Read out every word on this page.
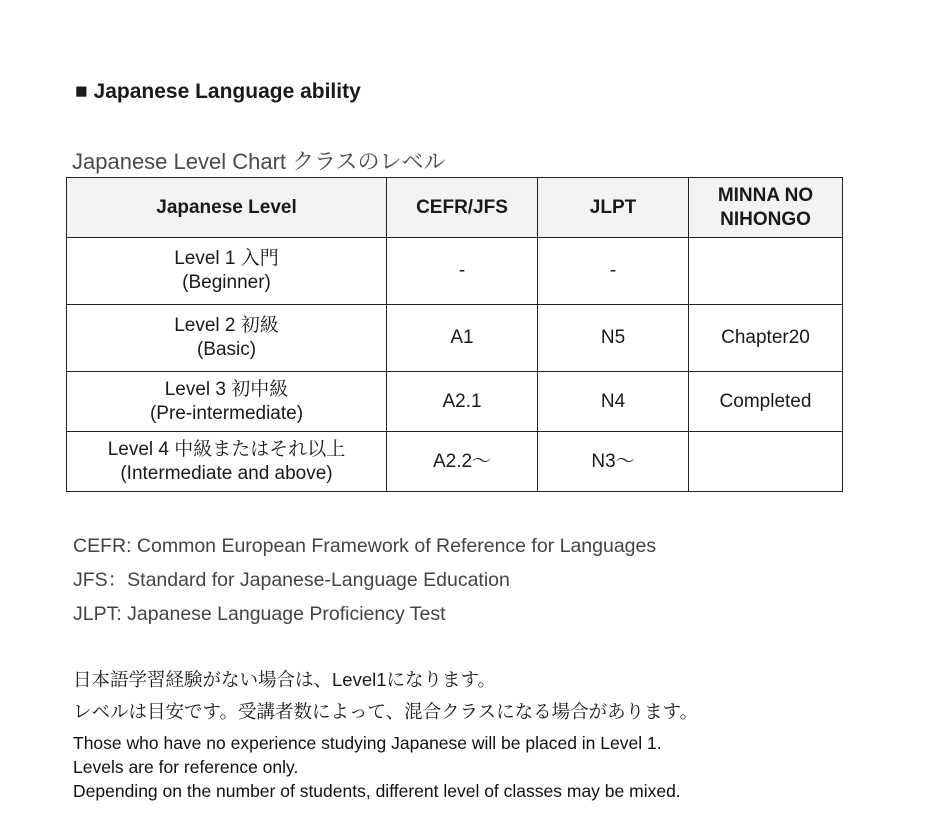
■ Japanese Language ability
Japanese Level Chart クラスのレベル
Japanese Level	CEFR/JFS	JLPT	MINNA NO NIHONGO

Level 1 入門
(Beginner)	-	-	

Level 2 初級
(Basic)	A1	N5	Chapter20

Level 3 初中級
(Pre-intermediate)	A2.1	N4	Completed

Level 4 中級またはそれ以上
(Intermediate and above)	A2.2～	N3～	
CEFR: Common European Framework of Reference for Languages
JFS：Standard for Japanese-Language Education
JLPT: Japanese Language Proficiency Test
日本語学習経験がない場合は、Level1になります。
レベルは目安です。受講者数によって、混合クラスになる場合があります。
Those who have no experience studying Japanese will be placed in Level 1.
Levels are for reference only.
Depending on the number of students, different level of classes may be mixed.
